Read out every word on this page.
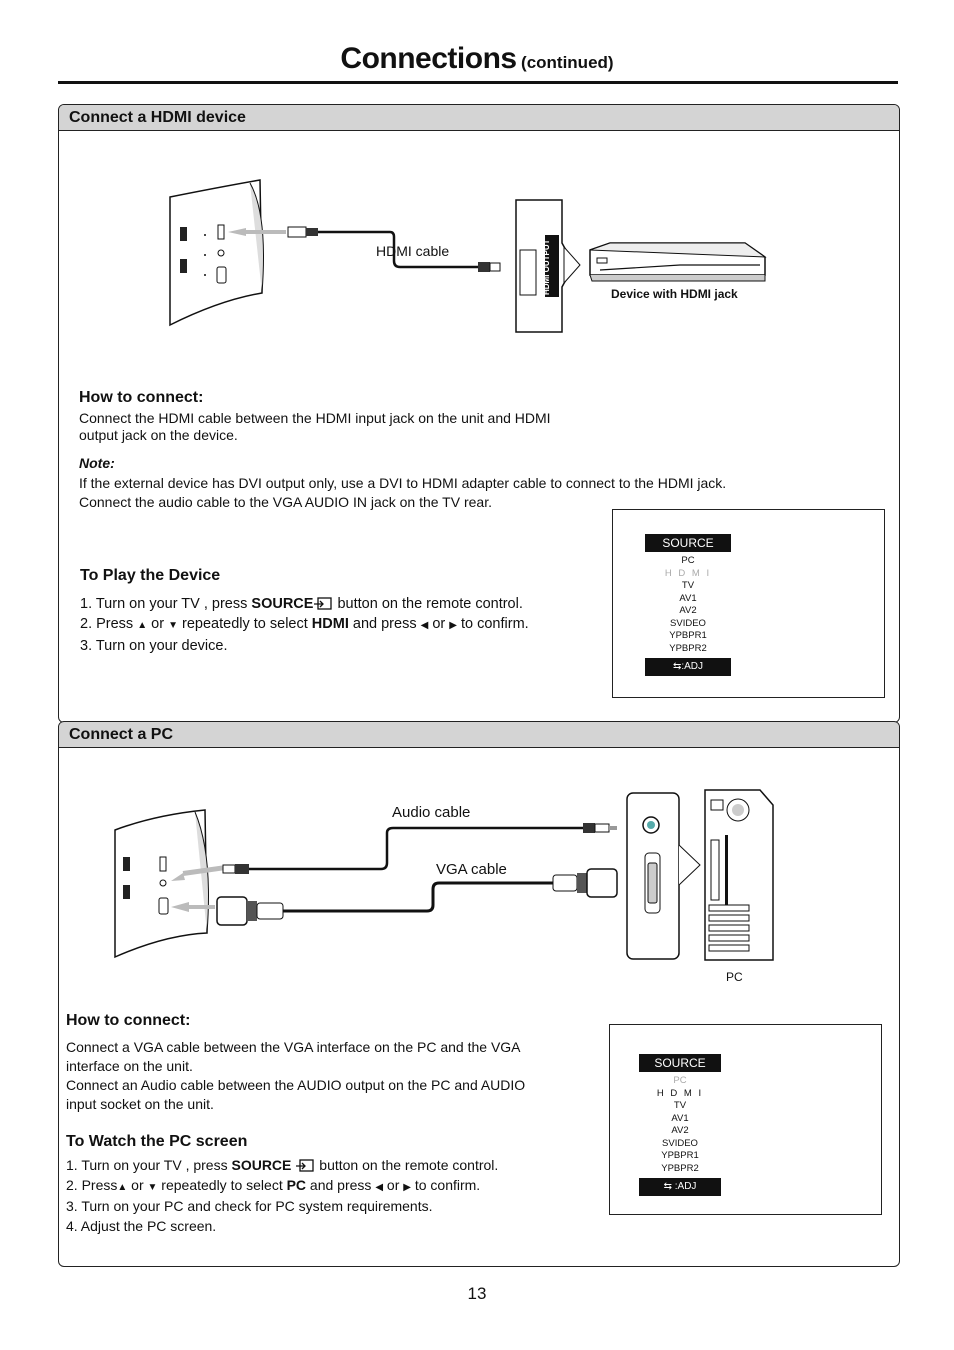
Connections (continued)
Connect a HDMI device
HDMI cable	HDMI OUTPUT	Device with HDMI jack
How to connect:
Connect the HDMI cable between the HDMI input jack on the unit and HDMI output jack on the device.
Note:
If the external device has DVI output only, use a DVI to HDMI adapter cable to connect to the HDMI jack. Connect the audio cable to the VGA AUDIO IN jack on the TV rear.
To Play the Device
1. Turn on your TV , press SOURCE button on the remote control.
2. Press ▲ or ▼ repeatedly to select HDMI and press ◀ or ▶ to confirm.
3. Turn on your device.
SOURCE
PC
H D M I
TV
AV1
AV2
SVIDEO
YPBPR1
YPBPR2
⇆:ADJ
Connect a PC
Audio cable
VGA cable
PC
How to connect:
Connect a VGA cable between the VGA interface on the PC and the VGA interface on the unit.
Connect an Audio cable between the AUDIO output on the PC and AUDIO input socket on the unit.
To Watch the PC screen
1. Turn on your TV , press SOURCE button on the remote control.
2. Press▲ or ▼ repeatedly to select PC and press ◀ or ▶ to confirm.
3. Turn on your PC and check for PC system requirements.
4. Adjust the PC screen.
SOURCE
PC
H D M I
TV
AV1
AV2
SVIDEO
YPBPR1
YPBPR2
⇆ :ADJ
13
